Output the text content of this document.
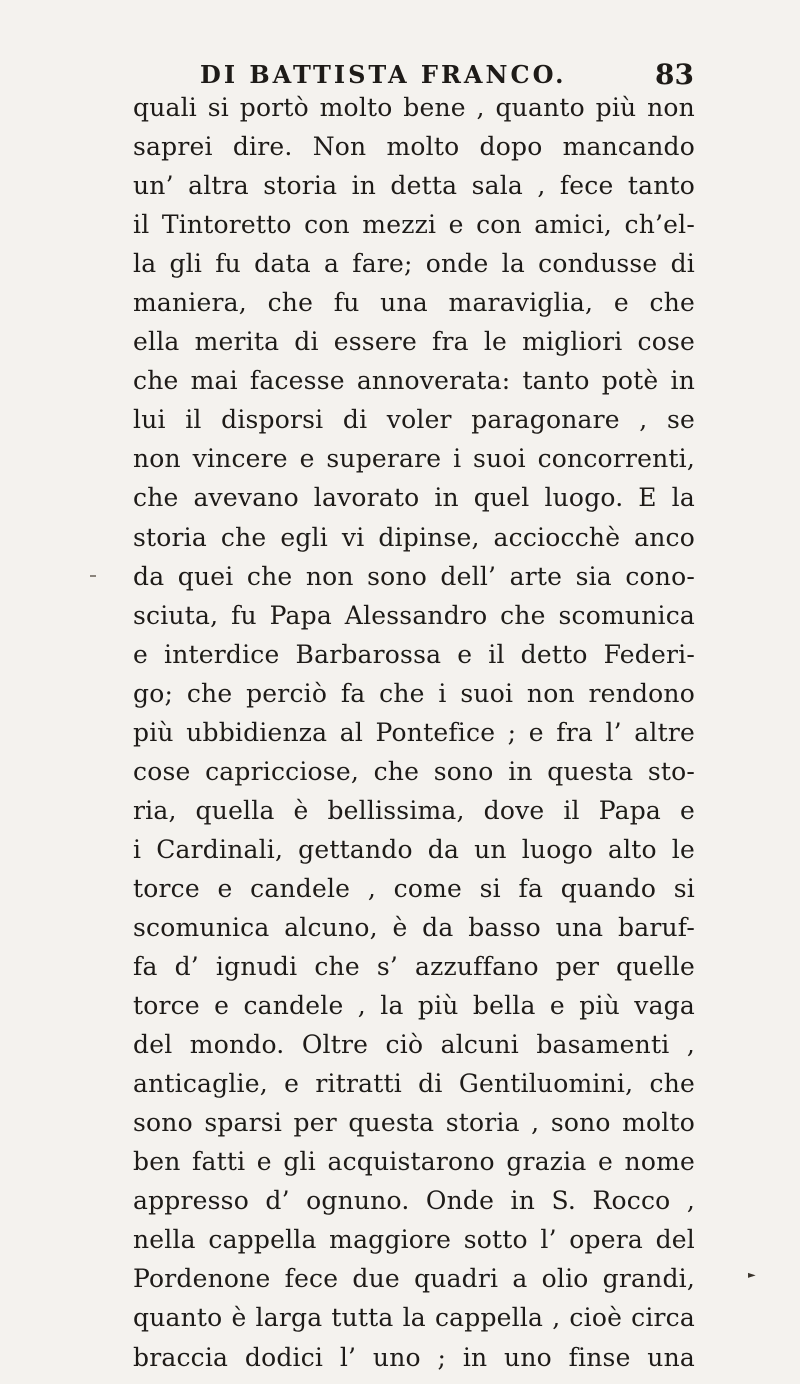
DI BATTISTA FRANCO.	83
quali si portò molto bene , quanto più non
saprei dire. Non molto dopo mancando
un’ altra storia in detta sala , fece tanto
il Tintoretto con mezzi e con amici, ch’el-
la gli fu data a fare; onde la condusse di
maniera, che fu una maraviglia, e che
ella merita di essere fra le migliori cose
che mai facesse annoverata: tanto potè in
lui il disporsi di voler paragonare , se
non vincere e superare i suoi concorrenti,
che avevano lavorato in quel luogo. E la
storia che egli vi dipinse, acciocchè anco
da quei che non sono dell’ arte sia cono-
sciuta, fu Papa Alessandro che scomunica
e interdice Barbarossa e il detto Federi-
go; che perciò fa che i suoi non rendono
più ubbidienza al Pontefice ; e fra l’ altre
cose capricciose, che sono in questa sto-
ria, quella è bellissima, dove il Papa e
i Cardinali, gettando da un luogo alto le
torce e candele , come si fa quando si
scomunica alcuno, è da basso una baruf-
fa d’ ignudi che s’ azzuffano per quelle
torce e candele , la più bella e più vaga
del mondo. Oltre ciò alcuni basamenti ,
anticaglie, e ritratti di Gentiluomini, che
sono sparsi per questa storia , sono molto
ben fatti e gli acquistarono grazia e nome
appresso d’ ognuno. Onde in S. Rocco ,
nella cappella maggiore sotto l’ opera del
Pordenone fece due quadri a olio grandi,
quanto è larga tutta la cappella , cioè circa
braccia dodici l’ uno ; in uno finse una
►
